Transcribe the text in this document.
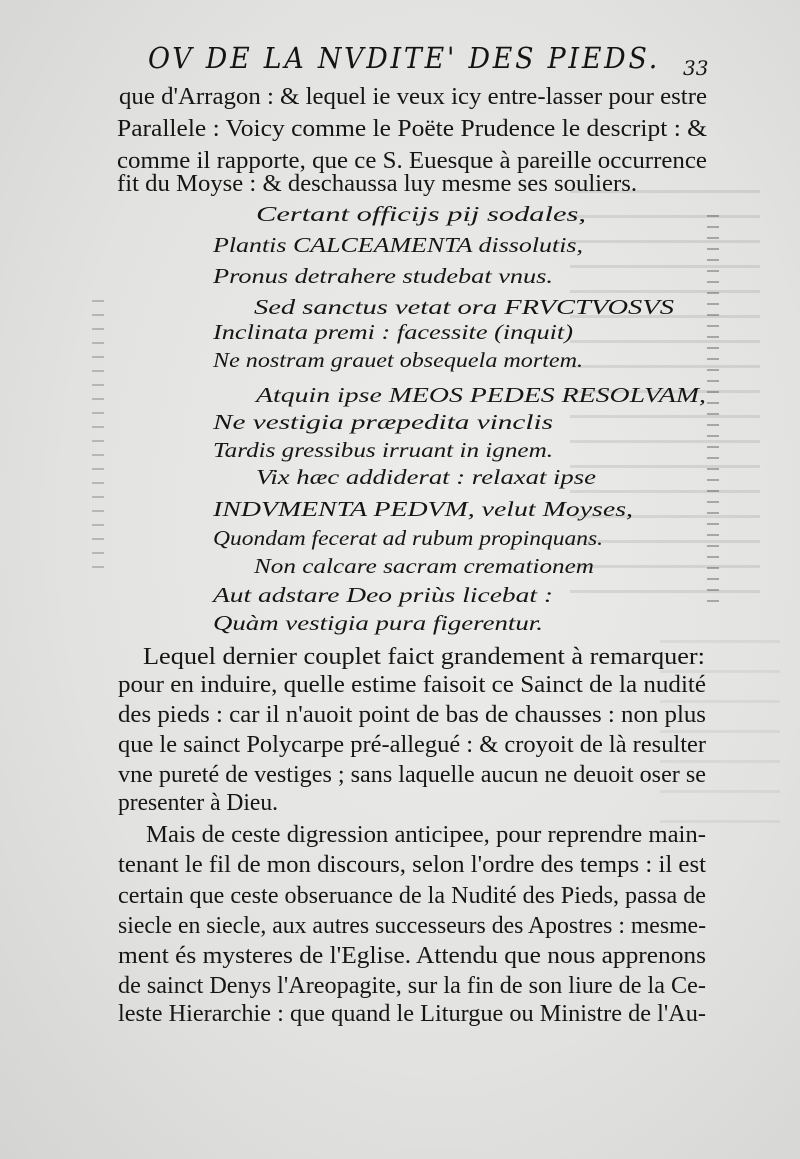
OV DE LA NVDITE' DES PIEDS. 33
que d'Arragon : & lequel ie veux icy entre-lasser pour estre
Parallele : Voicy comme le Poëte Prudence le descript : &
comme il rapporte, que ce S. Euesque à pareille occurrence
fit du Moyse : & deschaussa luy mesme ses souliers.
Certant officijs pij sodales,
Plantis CALCEAMENTA dissolutis,
Pronus detrahere studebat vnus.
Sed sanctus vetat ora FRVCTVOSVS
Inclinata premi : facessite (inquit)
Ne nostram grauet obsequela mortem.
Atquin ipse MEOS PEDES RESOLVAM,
Ne vestigia præpedita vinclis
Tardis gressibus irruant in ignem.
Vix hæc addiderat : relaxat ipse
INDVMENTA PEDVM, velut Moyses,
Quondam fecerat ad rubum propinquans.
Non calcare sacram cremationem
Aut adstare Deo priùs licebat :
Quàm vestigia pura figerentur.
Lequel dernier couplet faict grandement à remarquer:
pour en induire, quelle estime faisoit ce Sainct de la nudité
des pieds : car il n'auoit point de bas de chausses : non plus
que le sainct Polycarpe pré-allegué : & croyoit de là resulter
vne pureté de vestiges ; sans laquelle aucun ne deuoit oser se
presenter à Dieu.
Mais de ceste digression anticipee, pour reprendre main-
tenant le fil de mon discours, selon l'ordre des temps : il est
certain que ceste obseruance de la Nudité des Pieds, passa de
siecle en siecle, aux autres successeurs des Apostres : mesme-
ment és mysteres de l'Eglise. Attendu que nous apprenons
de sainct Denys l'Areopagite, sur la fin de son liure de la Ce-
leste Hierarchie : que quand le Liturgue ou Ministre de l'Au-
